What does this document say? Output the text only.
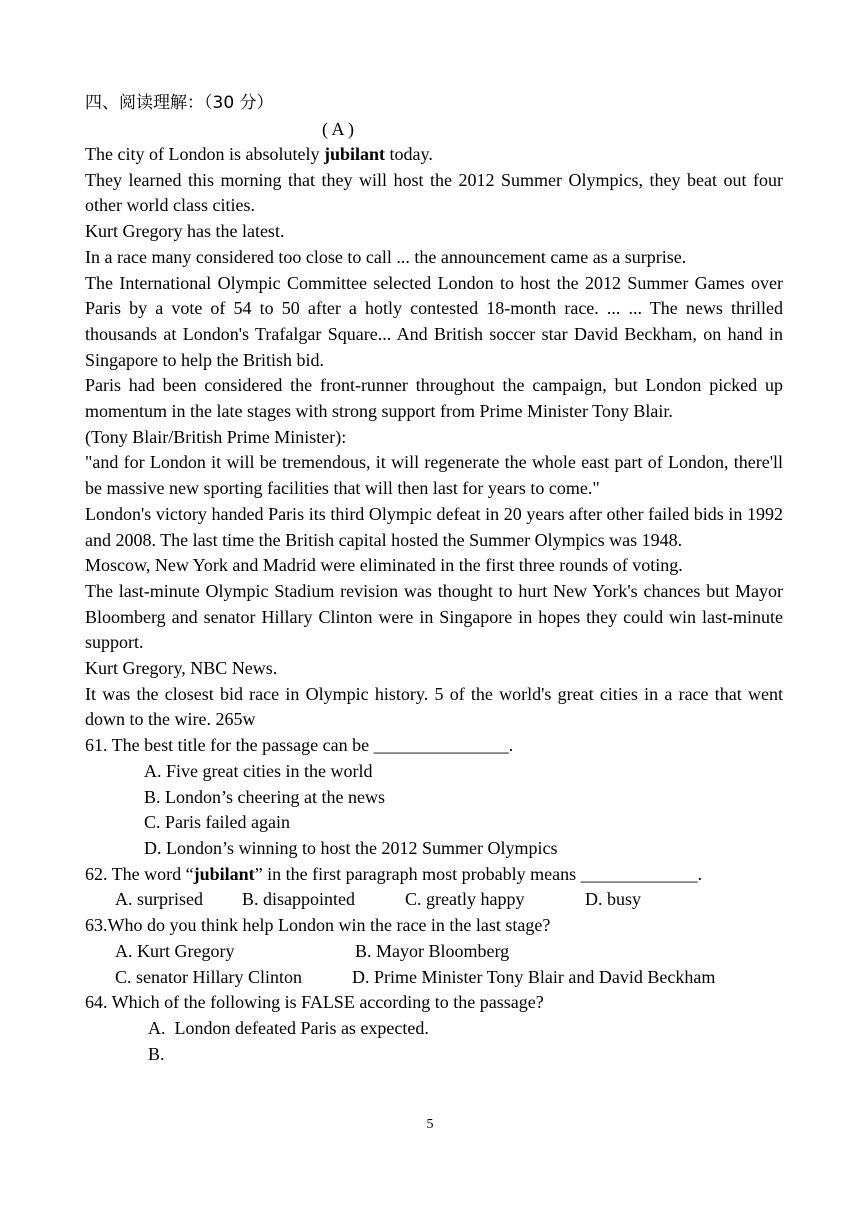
四、阅读理解：（30 分）
( A )

The city of London is absolutely jubilant today.

They learned this morning that they will host the 2012 Summer Olympics, they beat out four other world class cities.

Kurt Gregory has the latest.

In a race many considered too close to call ... the announcement came as a surprise.

The International Olympic Committee selected London to host the 2012 Summer Games over Paris by a vote of 54 to 50 after a hotly contested 18-month race. ... ... The news thrilled thousands at London's Trafalgar Square... And British soccer star David Beckham, on hand in Singapore to help the British bid.

Paris had been considered the front-runner throughout the campaign, but London picked up momentum in the late stages with strong support from Prime Minister Tony Blair.

(Tony Blair/British Prime Minister):

"and for London it will be tremendous, it will regenerate the whole east part of London, there'll be massive new sporting facilities that will then last for years to come."

London's victory handed Paris its third Olympic defeat in 20 years after other failed bids in 1992 and 2008. The last time the British capital hosted the Summer Olympics was 1948.

Moscow, New York and Madrid were eliminated in the first three rounds of voting.

The last-minute Olympic Stadium revision was thought to hurt New York's chances but Mayor Bloomberg and senator Hillary Clinton were in Singapore in hopes they could win last-minute support.

Kurt Gregory, NBC News.

It was the closest bid race in Olympic history. 5 of the world's great cities in a race that went down to the wire. 265w

61. The best title for the passage can be _______________.

A. Five great cities in the world

B. London’s cheering at the news

C. Paris failed again

D. London’s winning to host the 2012 Summer Olympics

62. The word “jubilant” in the first paragraph most probably means _____________.

A. surprised	B. disappointed	C. greatly happy	D. busy

63.Who do you think help London win the race in the last stage?

A. Kurt Gregory	B. Mayor Bloomberg
C. senator Hillary Clinton	D. Prime Minister Tony Blair and David Beckham

64. Which of the following is FALSE according to the passage?

A.  London defeated Paris as expected.

B.

5
